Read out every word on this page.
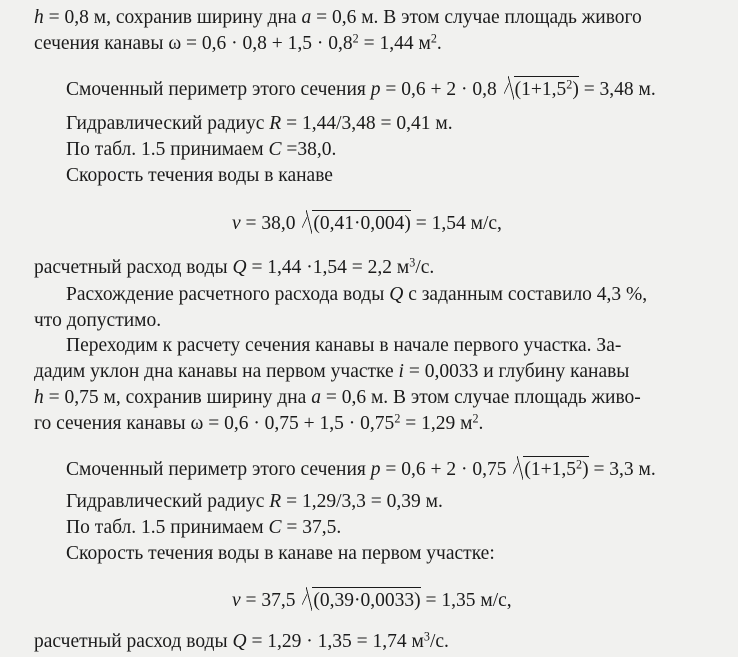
h = 0,8 м, сохранив ширину дна a = 0,6 м. В этом случае площадь живого
сечения канавы $\omega = 0,6 \cdot 0,8 + 1,5 \cdot 0,8^2 = 1,44$ $м^2$.
Смоченный периметр этого сечения p = 0,6 + 2 · 0,8 $(1+1,5^2) = 3,48$ м.
Гидравлический радиус R = 1,44/3,48 = 0,41 м.
По табл. 1.5 принимаем C =38,0.
Скорость течения воды в канаве
v = 38,0 (0,41·0,004) = 1,54 м/с,
расчетный расход воды Q = 1,44 ·1,54 = 2,2 $м^3/с$.
Расхождение расчетного расхода воды Q с заданным составило 4,3 %,
что допустимо.
Переходим к расчету сечения канавы в начале первого участка. За-
дадим уклон дна канавы на первом участке i = 0,0033 и глубину канавы
h = 0,75 м, сохранив ширину дна a = 0,6 м. В этом случае площадь живо-
го сечения канавы $\omega = 0,6 \cdot 0,75 + 1,5 \cdot 0,75^2 = 1,29$ $м^2$.
Смоченный периметр этого сечения p = 0,6 + 2 · 0,75 $(1+1,5^2) = 3,3$ м.
Гидравлический радиус R = 1,29/3,3 = 0,39 м.
По табл. 1.5 принимаем C = 37,5.
Скорость течения воды в канаве на первом участке:
v = 37,5 (0,39·0,0033) = 1,35 м/с,
расчетный расход воды Q = 1,29 · 1,35 = 1,74 $м^3/с$.
